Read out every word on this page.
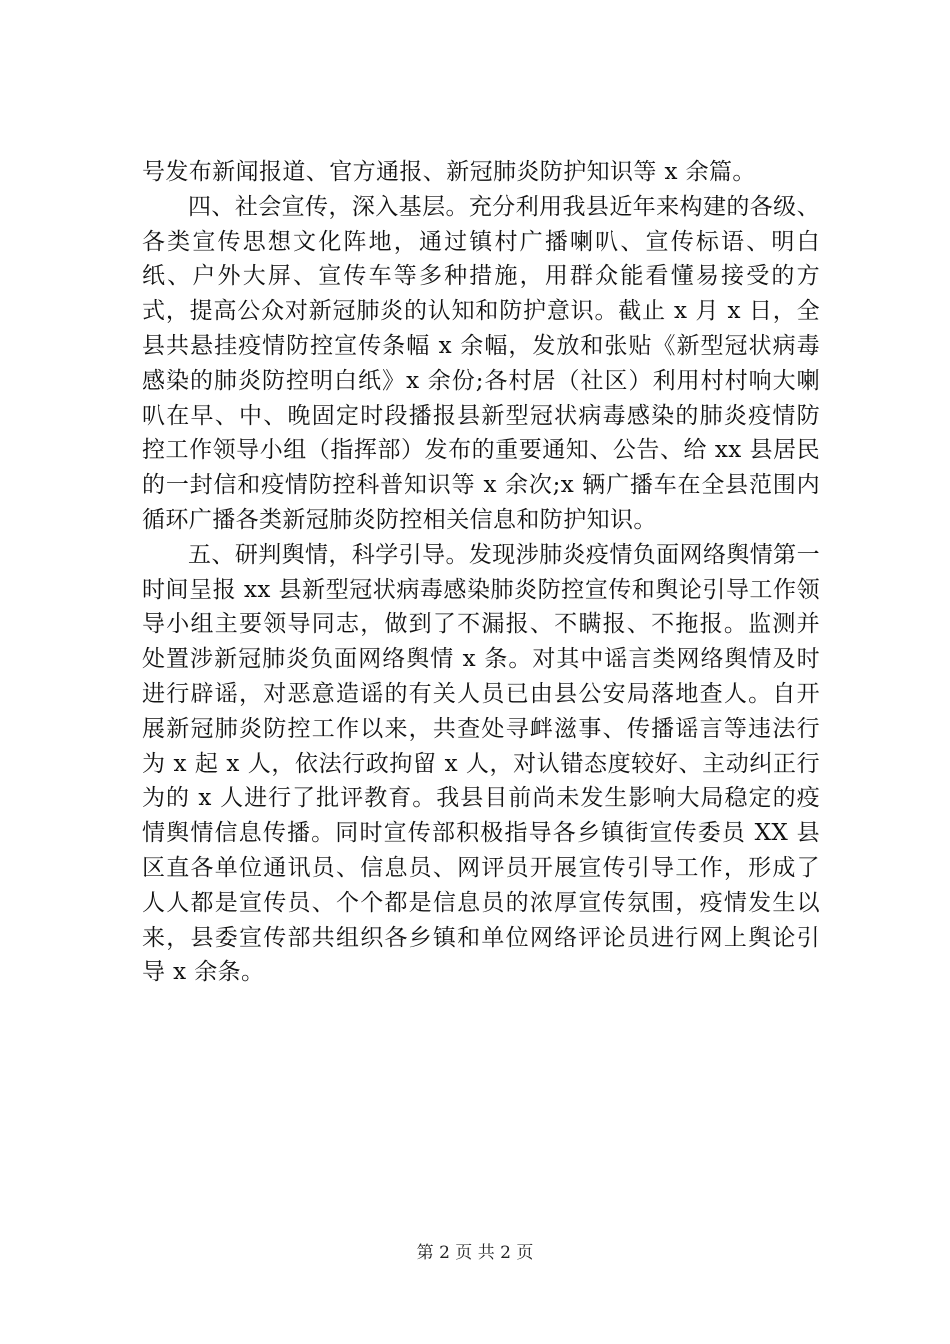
号发布新闻报道、官方通报、新冠肺炎防护知识等 x 余篇。

四、社会宣传，深入基层。充分利用我县近年来构建的各级、各类宣传思想文化阵地，通过镇村广播喇叭、宣传标语、明白纸、户外大屏、宣传车等多种措施，用群众能看懂易接受的方式，提高公众对新冠肺炎的认知和防护意识。截止 x 月 x 日，全县共悬挂疫情防控宣传条幅 x 余幅，发放和张贴《新型冠状病毒感染的肺炎防控明白纸》x 余份;各村居（社区）利用村村响大喇叭在早、中、晚固定时段播报县新型冠状病毒感染的肺炎疫情防控工作领导小组（指挥部）发布的重要通知、公告、给 xx 县居民的一封信和疫情防控科普知识等 x 余次;x 辆广播车在全县范围内循环广播各类新冠肺炎防控相关信息和防护知识。

五、研判舆情，科学引导。发现涉肺炎疫情负面网络舆情第一时间呈报 xx 县新型冠状病毒感染肺炎防控宣传和舆论引导工作领导小组主要领导同志，做到了不漏报、不瞒报、不拖报。监测并处置涉新冠肺炎负面网络舆情 x 条。对其中谣言类网络舆情及时进行辟谣，对恶意造谣的有关人员已由县公安局落地查人。自开展新冠肺炎防控工作以来，共查处寻衅滋事、传播谣言等违法行为 x 起 x 人，依法行政拘留 x 人，对认错态度较好、主动纠正行为的 x 人进行了批评教育。我县目前尚未发生影响大局稳定的疫情舆情信息传播。同时宣传部积极指导各乡镇街宣传委员 XX 县区直各单位通讯员、信息员、网评员开展宣传引导工作，形成了人人都是宣传员、个个都是信息员的浓厚宣传氛围，疫情发生以来，县委宣传部共组织各乡镇和单位网络评论员进行网上舆论引导 x 余条。

第 2 页 共 2 页
